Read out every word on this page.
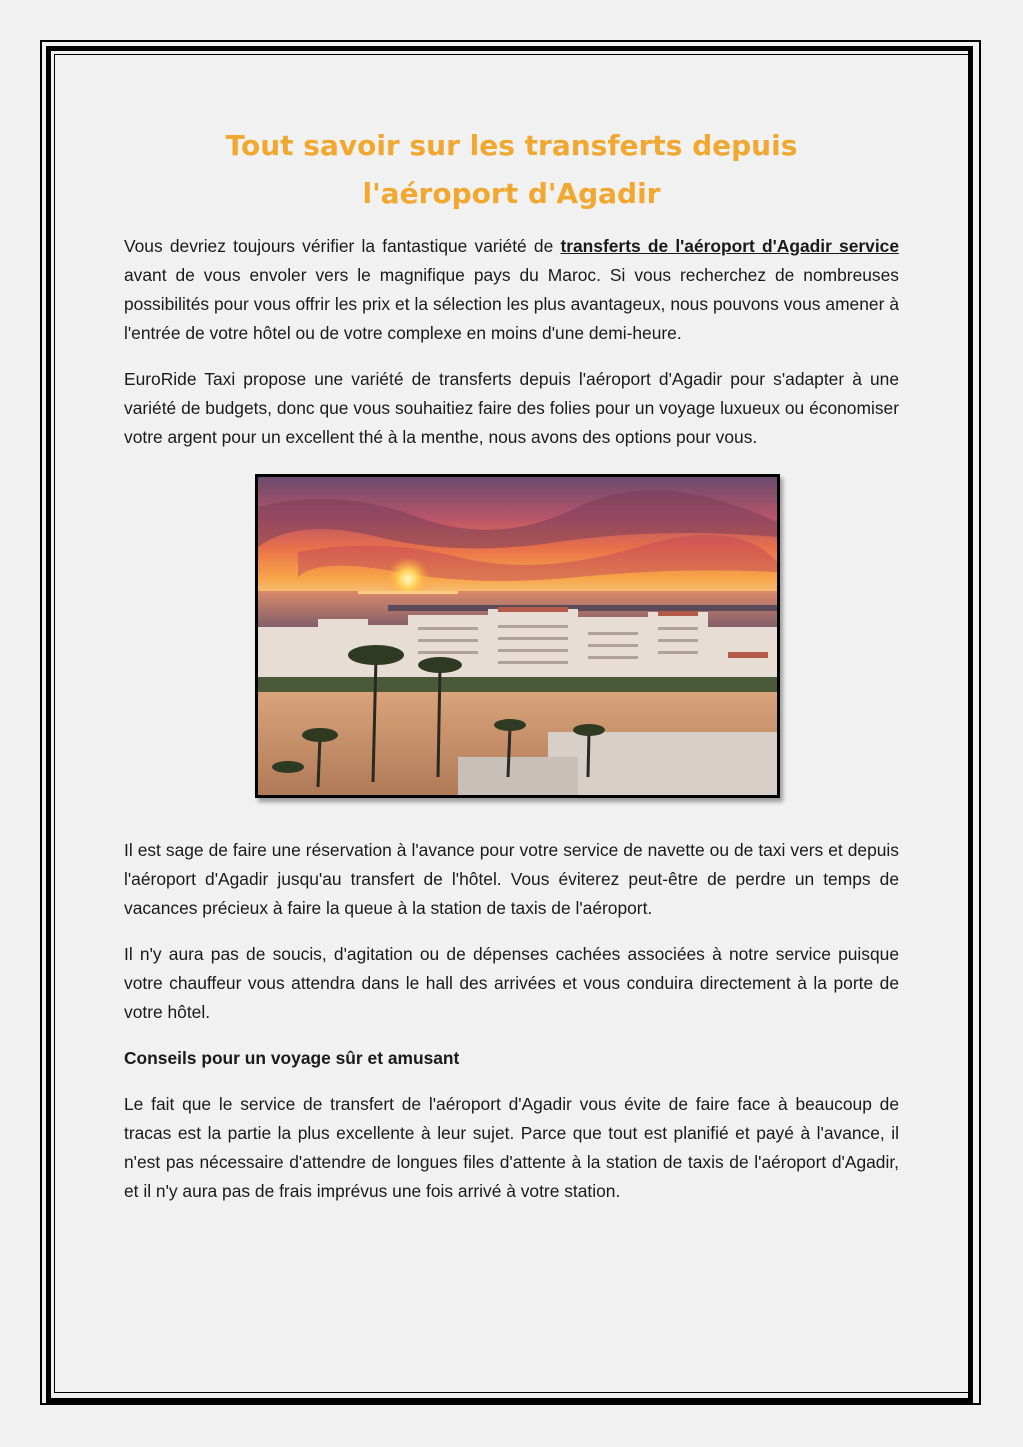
Tout savoir sur les transferts depuis l'aéroport d'Agadir

Vous devriez toujours vérifier la fantastique variété de transferts de l'aéroport d'Agadir service avant de vous envoler vers le magnifique pays du Maroc. Si vous recherchez de nombreuses possibilités pour vous offrir les prix et la sélection les plus avantageux, nous pouvons vous amener à l'entrée de votre hôtel ou de votre complexe en moins d'une demi-heure.

EuroRide Taxi propose une variété de transferts depuis l'aéroport d'Agadir pour s'adapter à une variété de budgets, donc que vous souhaitiez faire des folies pour un voyage luxueux ou économiser votre argent pour un excellent thé à la menthe, nous avons des options pour vous.

Il est sage de faire une réservation à l'avance pour votre service de navette ou de taxi vers et depuis l'aéroport d'Agadir jusqu'au transfert de l'hôtel. Vous éviterez peut-être de perdre un temps de vacances précieux à faire la queue à la station de taxis de l'aéroport.

Il n'y aura pas de soucis, d'agitation ou de dépenses cachées associées à notre service puisque votre chauffeur vous attendra dans le hall des arrivées et vous conduira directement à la porte de votre hôtel.

Conseils pour un voyage sûr et amusant

Le fait que le service de transfert de l'aéroport d'Agadir vous évite de faire face à beaucoup de tracas est la partie la plus excellente à leur sujet. Parce que tout est planifié et payé à l'avance, il n'est pas nécessaire d'attendre de longues files d'attente à la station de taxis de l'aéroport d'Agadir, et il n'y aura pas de frais imprévus une fois arrivé à votre station.
